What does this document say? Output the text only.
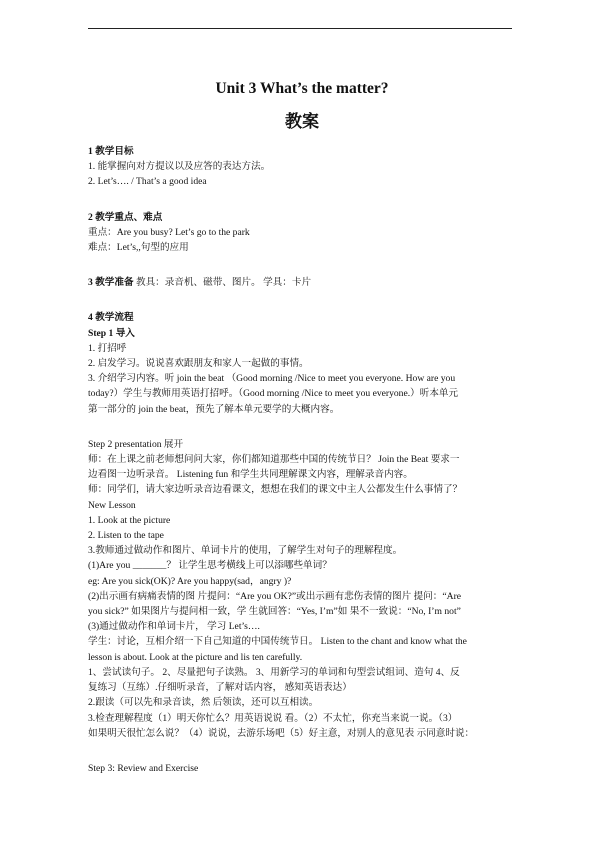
Unit 3 What’s the matter?
教案
1 教学目标
1. 能掌握向对方提议以及应答的表达方法。
2. Let’s…. / That’s a good idea
2 教学重点、难点
重点：Are you busy? Let’s go to the park
难点：Let’s,,句型的应用
3 教学准备 教具：录音机、磁带、图片。 学具：卡片
4 教学流程
Step 1 导入
1. 打招呼
2. 启发学习。说说喜欢跟朋友和家人一起做的事情。
3. 介绍学习内容。听 join the beat （Good morning /Nice to meet you everyone. How are you
today?）学生与教师用英语打招呼。（Good morning /Nice to meet you everyone.）听本单元
第一部分的 join the beat，预先了解本单元要学的大概内容。
Step 2 presentation 展开
师：在上课之前老师想问问大家，你们都知道那些中国的传统节日？ Join the Beat 要求一
边看图一边听录音。 Listening fun 和学生共同理解课文内容，理解录音内容。
师：同学们，请大家边听录音边看课文，想想在我们的课文中主人公都发生什么事情了？
New Lesson
1. Look at the picture
2. Listen to the tape
3.教师通过做动作和图片、单词卡片的使用，了解学生对句子的理解程度。
(1)Are you _______？ 让学生思考横线上可以添哪些单词？
eg: Are you sick(OK)? Are you happy(sad，angry )?
(2)出示画有病痛表情的图 片提问：“Are you OK?”或出示画有悲伤表情的图片 提问：“Are
you sick?” 如果图片与提问相一致，学 生就回答：“Yes, I’m”如 果不一致说：“No, I’m not”
(3)通过做动作和单词卡片， 学习 Let’s….
学生：讨论，互相介绍一下自己知道的中国传统节日。 Listen to the chant and know what the
lesson is about. Look at the picture and lis ten carefully.
1、尝试读句子。 2、尽量把句子读熟。 3、用新学习的单词和句型尝试组词、造句 4、反
复练习（互练）.仔细听录音，了解对话内容， 感知英语表达）
2.跟读（可以先和录音读，然 后领读，还可以互相读。
3.检查理解程度（1）明天你忙么？用英语说说 看。（2）不太忙，你充当来说一说。（3）
如果明天很忙怎么说？（4）说说，去游乐场吧（5）好主意，对别人的意见表 示同意时说：
Step 3: Review and Exercise
